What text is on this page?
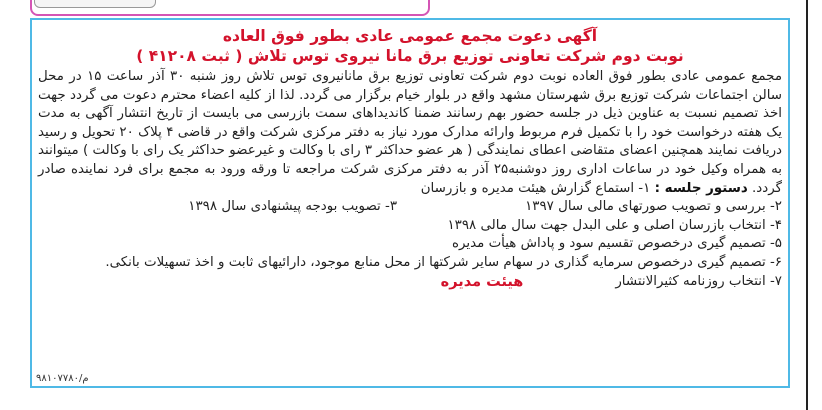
آگهی دعوت مجمع عمومی عادی بطور فوق العاده

نوبت دوم شرکت تعاونی توزیع برق مانا نیروی توس تلاش ( ثبت ۴۱۲۰۸ )

مجمع عمومی عادی بطور فوق العاده نوبت دوم شرکت تعاونی توزیع برق مانانیروی توس تلاش روز شنبه ۳۰ آذر ساعت ۱۵ در محل سالن اجتماعات شرکت توزیع برق شهرستان مشهد واقع در بلوار خیام برگزار می گردد. لذا از کلیه اعضاء محترم دعوت می گردد جهت اخذ تصمیم نسبت به عناوین ذیل در جلسه حضور بهم رسانند ضمنا کاندیداهای سمت بازرسی می بایست از تاریخ انتشار آگهی به مدت یک هفته درخواست خود را با تکمیل فرم مربوط وارائه مدارک مورد نیاز به دفتر مرکزی شرکت واقع در قاضی ۴ پلاک ۲۰ تحویل و رسید دریافت نمایند همچنین اعضای متقاضی اعطای نمایندگی ( هر عضو حداکثر ۳ رای با وکالت و غیرعضو حداکثر یک رای با وکالت ) میتوانند به همراه وکیل خود در ساعات اداری روز دوشنبه۲۵ آذر به دفتر مرکزی شرکت مراجعه تا ورقه ورود به مجمع برای فرد نماینده صادر گردد. دستور جلسه : ۱- استماع گزارش هیئت مدیره و بازرسان

۲- بررسی و تصویب صورتهای مالی سال ۱۳۹۷
۳- تصویب بودجه پیشنهادی سال ۱۳۹۸
۴- انتخاب بازرسان اصلی و علی البدل جهت سال مالی ۱۳۹۸
۵- تصمیم گیری درخصوص تقسیم سود و پاداش هیأت مدیره
۶- تصمیم گیری درخصوص سرمایه گذاری در سهام سایر شرکتها از محل منابع موجود، دارائیهای ثابت و اخذ تسهیلات بانکی.
۷- انتخاب روزنامه کثیرالانتشار
هیئت مدیره
م/۹۸۱۰۷۷۸۰
